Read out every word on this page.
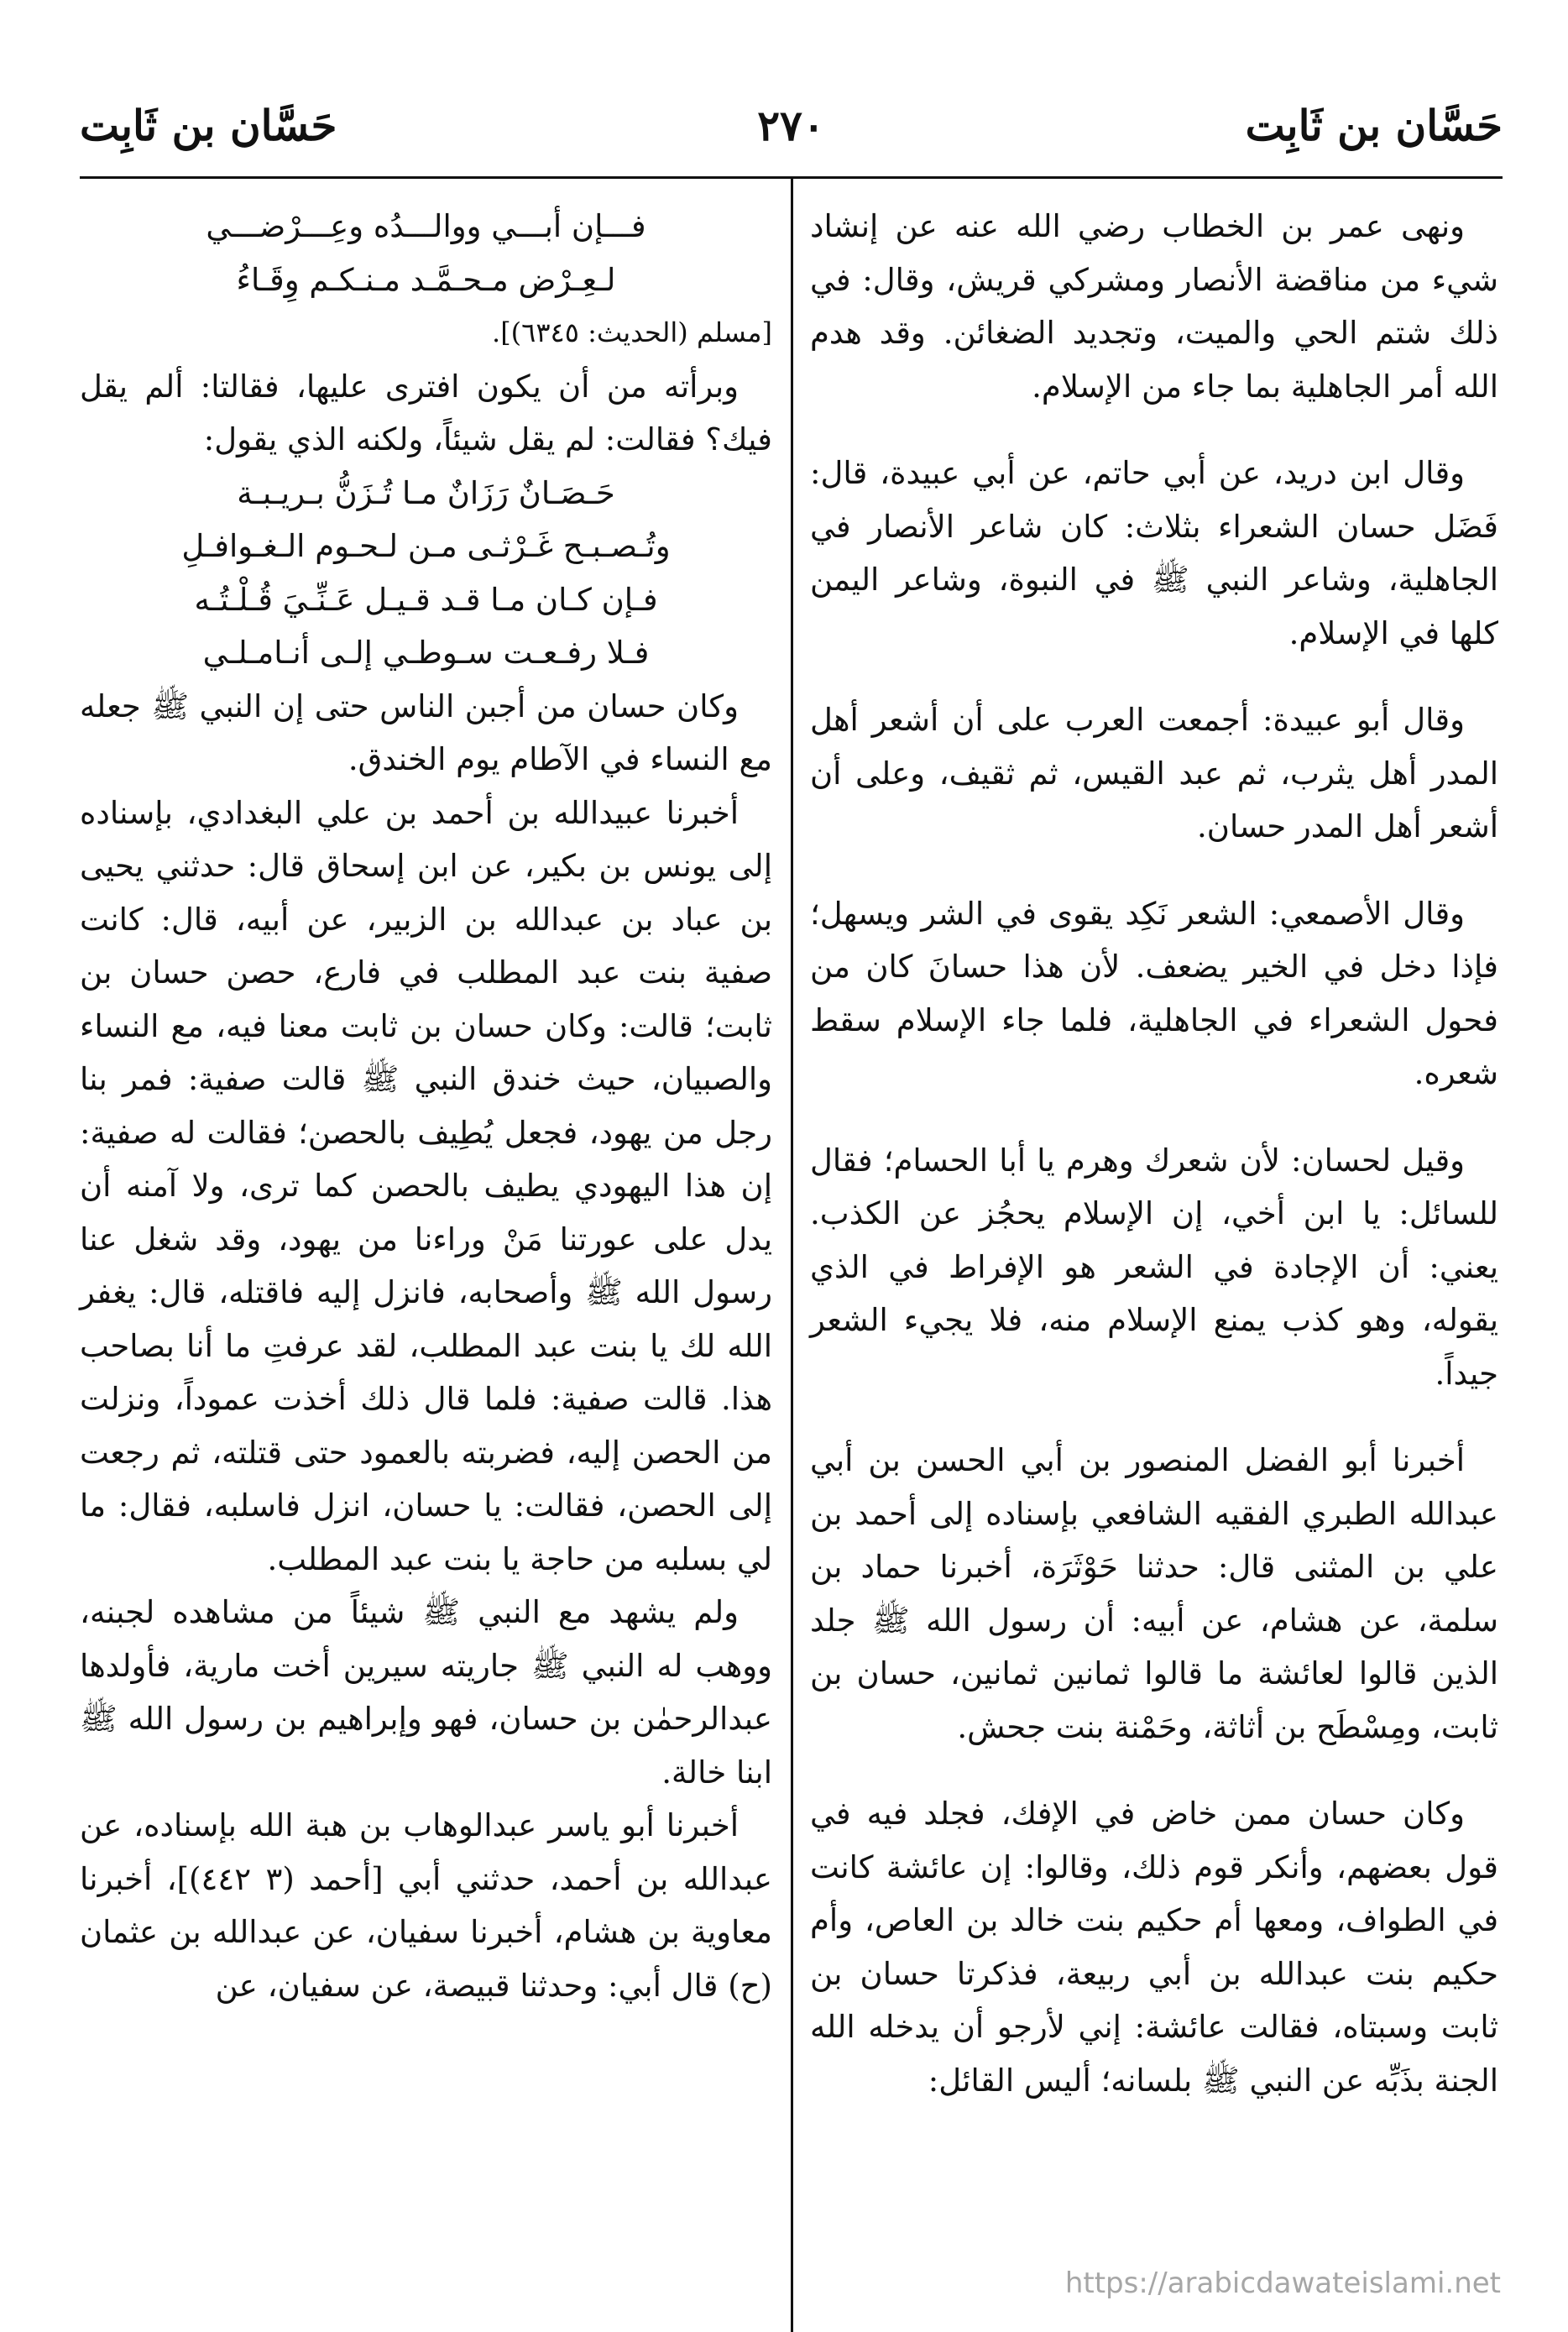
حَسَّان بن ثَابِت
٢٧٠
حَسَّان بن ثَابِت

ونهى عمر بن الخطاب رضي الله عنه عن إنشاد شيء من مناقضة الأنصار ومشركي قريش، وقال: في ذلك شتم الحي والميت، وتجديد الضغائن. وقد هدم الله أمر الجاهلية بما جاء من الإسلام.

وقال ابن دريد، عن أبي حاتم، عن أبي عبيدة، قال: فَضَل حسان الشعراء بثلاث: كان شاعر الأنصار في الجاهلية، وشاعر النبي ﷺ في النبوة، وشاعر اليمن كلها في الإسلام.

وقال أبو عبيدة: أجمعت العرب على أن أشعر أهل المدر أهل يثرب، ثم عبد القيس، ثم ثقيف، وعلى أن أشعر أهل المدر حسان.

وقال الأصمعي: الشعر نَكِد يقوى في الشر ويسهل؛ فإذا دخل في الخير يضعف. لأن هذا حسانَ كان من فحول الشعراء في الجاهلية، فلما جاء الإسلام سقط شعره.

وقيل لحسان: لأن شعرك وهرم يا أبا الحسام؛ فقال للسائل: يا ابن أخي، إن الإسلام يحجُز عن الكذب. يعني: أن الإجادة في الشعر هو الإفراط في الذي يقوله، وهو كذب يمنع الإسلام منه، فلا يجيء الشعر جيداً.

أخبرنا أبو الفضل المنصور بن أبي الحسن بن أبي عبدالله الطبري الفقيه الشافعي بإسناده إلى أحمد بن علي بن المثنى قال: حدثنا حَوْثَرَة، أخبرنا حماد بن سلمة، عن هشام، عن أبيه: أن رسول الله ﷺ جلد الذين قالوا لعائشة ما قالوا ثمانين ثمانين، حسان بن ثابت، ومِسْطَح بن أثاثة، وحَمْنة بنت جحش.

وكان حسان ممن خاض في الإفك، فجلد فيه في قول بعضهم، وأنكر قوم ذلك، وقالوا: إن عائشة كانت في الطواف، ومعها أم حكيم بنت خالد بن العاص، وأم حكيم بنت عبدالله بن أبي ربيعة، فذكرتا حسان بن ثابت وسبتاه، فقالت عائشة: إني لأرجو أن يدخله الله الجنة بذَبِّه عن النبي ﷺ بلسانه؛ أليس القائل:

فـــإن أبـــي ووالـــدُه وعِـــرْضـــي

لـعِـرْض مـحـمَّـد مـنـكـم وِقَـاءُ

[مسلم (الحديث: ٦٣٤٥)].

وبرأته من أن يكون افترى عليها، فقالتا: ألم يقل فيك؟ فقالت: لم يقل شيئاً، ولكنه الذي يقول:

حَـصَـانٌ رَزَانٌ مـا تُـزَنُّ بـريـبـة

وتُـصـبـح غَـرْثـى مـن لـحـوم الـغـوافـلِ

فـإن كـان مـا قـد قـيـل عَـنِّـيَ قُـلْـتُـه

فـلا رفـعـت سـوطـي إلـى أنـامـلـي

وكان حسان من أجبن الناس حتى إن النبي ﷺ جعله مع النساء في الآطام يوم الخندق.

أخبرنا عبيدالله بن أحمد بن علي البغدادي، بإسناده إلى يونس بن بكير، عن ابن إسحاق قال: حدثني يحيى بن عباد بن عبدالله بن الزبير، عن أبيه، قال: كانت صفية بنت عبد المطلب في فارع، حصن حسان بن ثابت؛ قالت: وكان حسان بن ثابت معنا فيه، مع النساء والصبيان، حيث خندق النبي ﷺ قالت صفية: فمر بنا رجل من يهود، فجعل يُطِيف بالحصن؛ فقالت له صفية: إن هذا اليهودي يطيف بالحصن كما ترى، ولا آمنه أن يدل على عورتنا مَنْ وراءنا من يهود، وقد شغل عنا رسول الله ﷺ وأصحابه، فانزل إليه فاقتله، قال: يغفر الله لك يا بنت عبد المطلب، لقد عرفتِ ما أنا بصاحب هذا. قالت صفية: فلما قال ذلك أخذت عموداً، ونزلت من الحصن إليه، فضربته بالعمود حتى قتلته، ثم رجعت إلى الحصن، فقالت: يا حسان، انزل فاسلبه، فقال: ما لي بسلبه من حاجة يا بنت عبد المطلب.

ولم يشهد مع النبي ﷺ شيئاً من مشاهده لجبنه، ووهب له النبي ﷺ جاريته سيرين أخت مارية، فأولدها عبدالرحمٰن بن حسان، فهو وإبراهيم بن رسول الله ﷺ ابنا خالة.

أخبرنا أبو ياسر عبدالوهاب بن هبة الله بإسناده، عن عبدالله بن أحمد، حدثني أبي [أحمد (٣ ٤٤٢)]، أخبرنا معاوية بن هشام، أخبرنا سفيان، عن عبدالله بن عثمان (ح) قال أبي: وحدثنا قبيصة، عن سفيان، عن

https://arabicdawateislami.net
